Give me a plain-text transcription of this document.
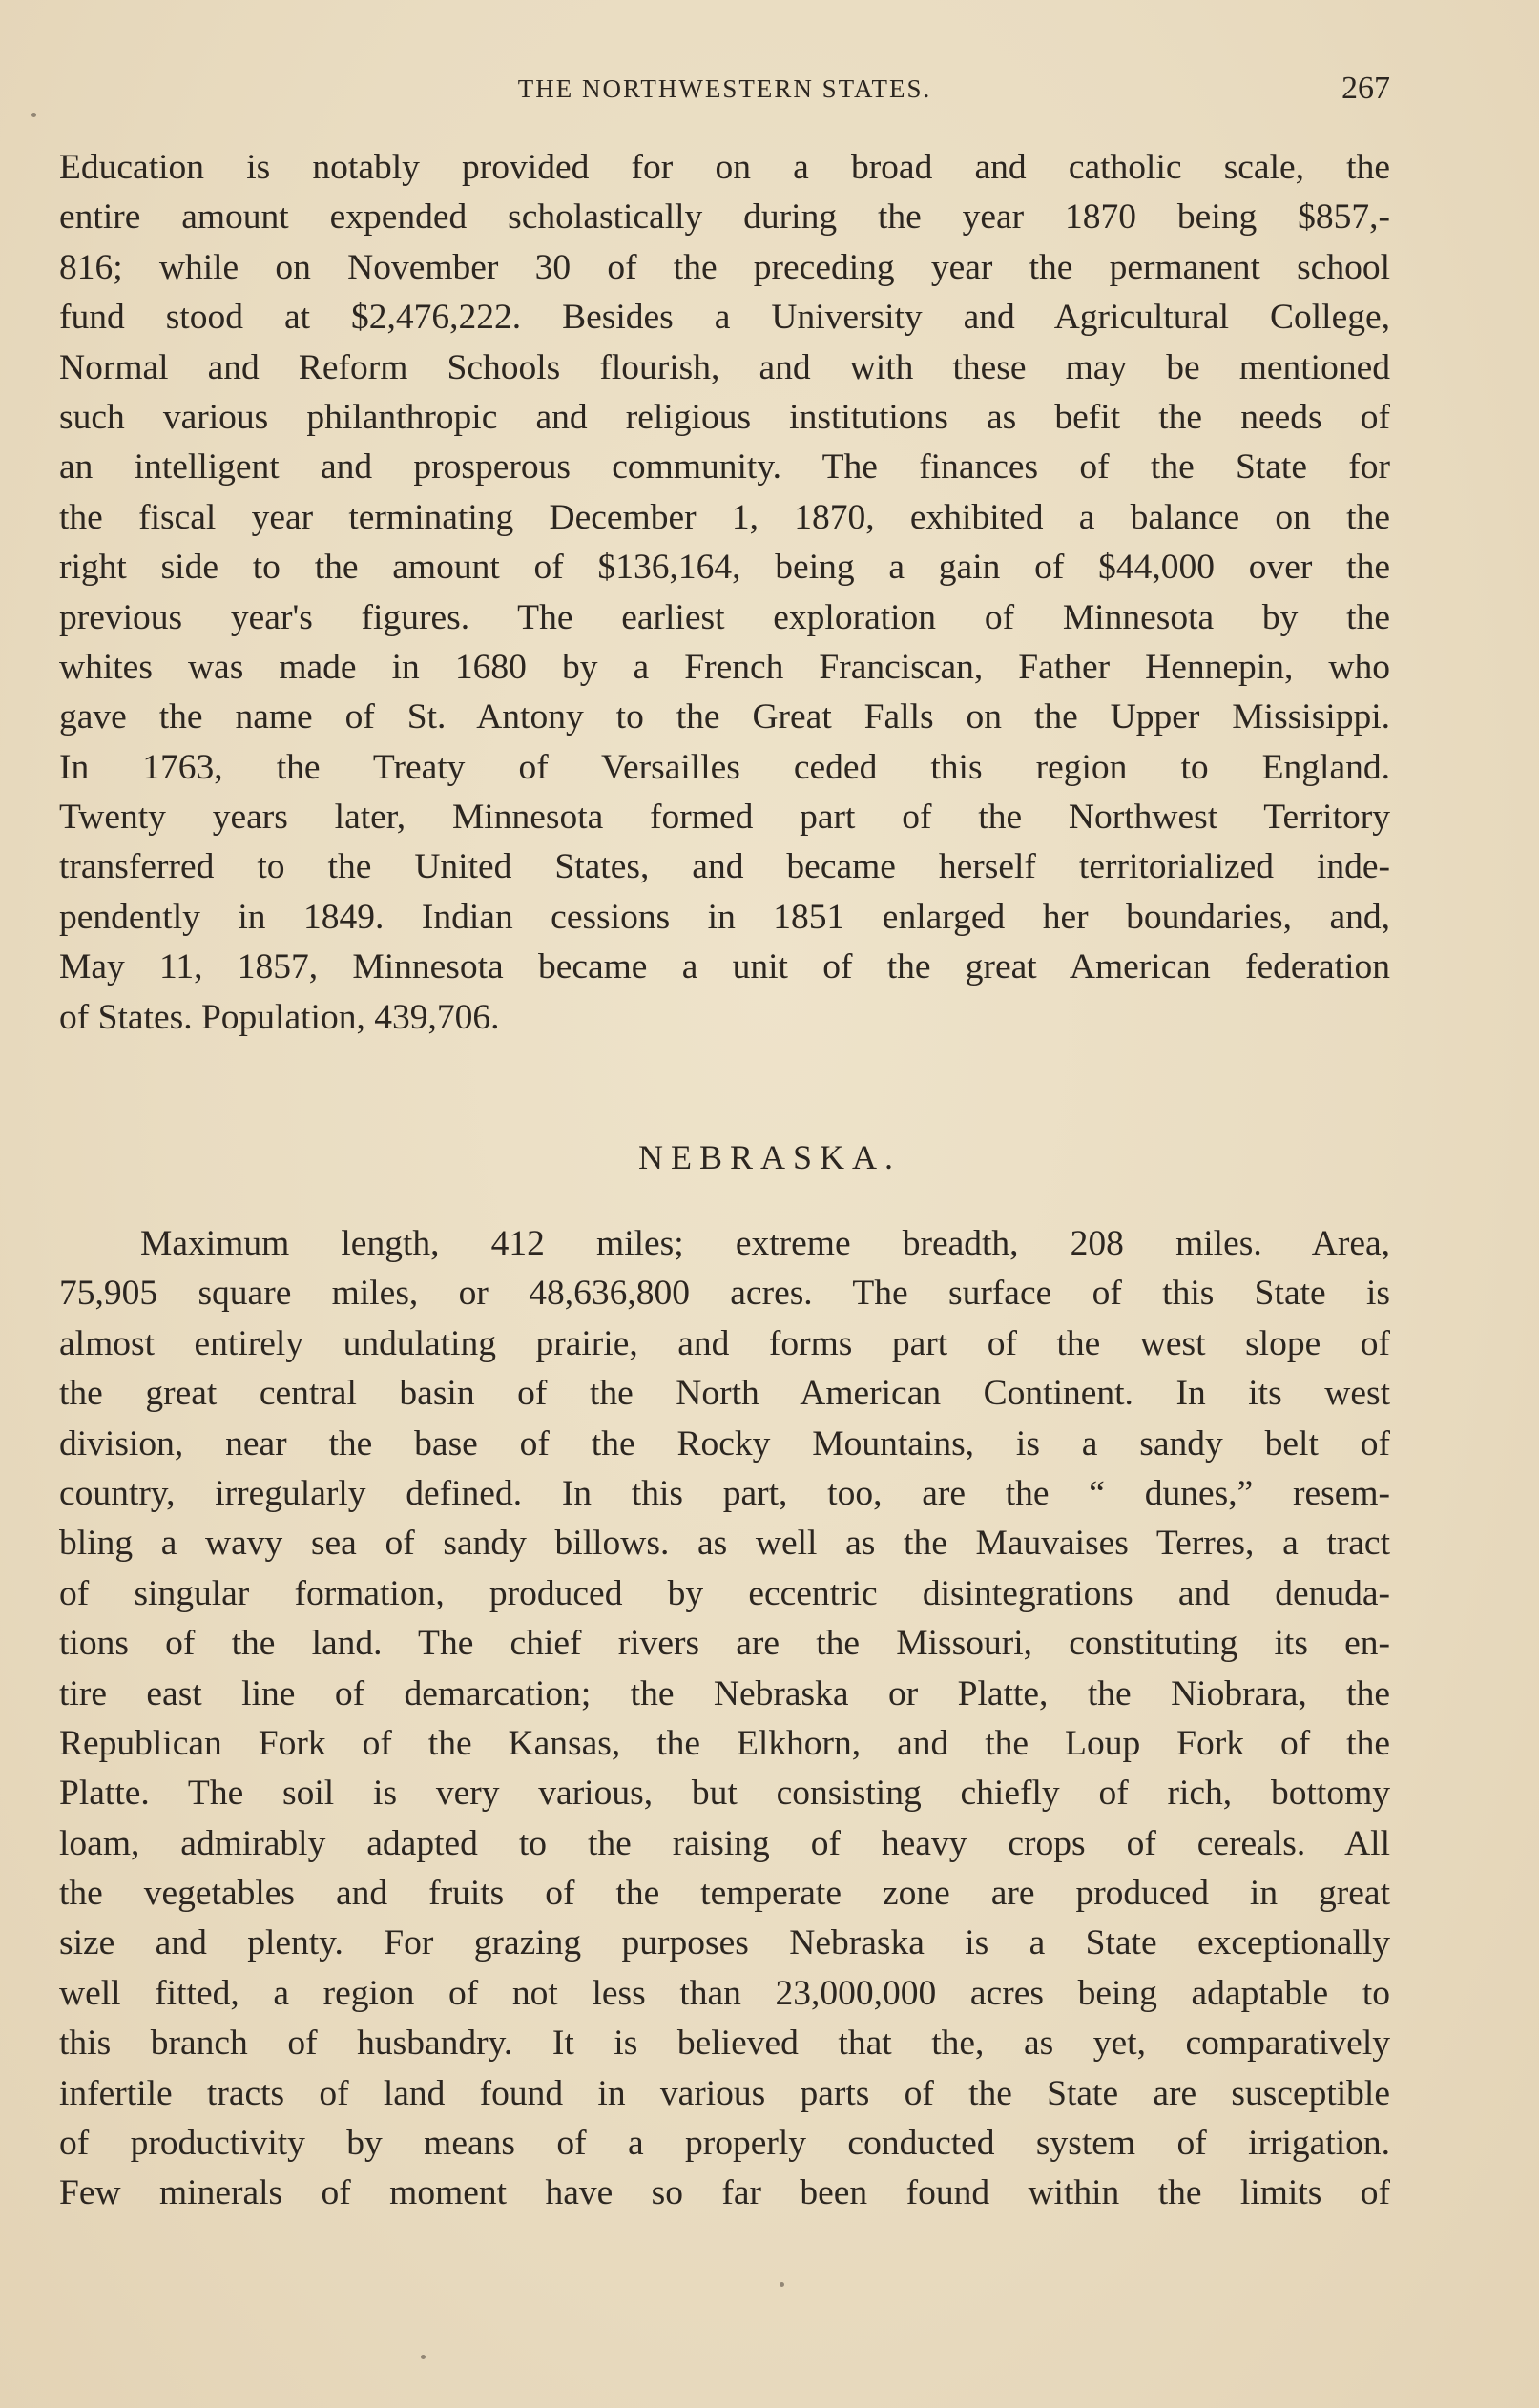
THE NORTHWESTERN STATES.	267
Education is notably provided for on a broad and catholic scale, the
entire amount expended scholastically during the year 1870 being $857,-
816; while on November 30 of the preceding year the permanent school
fund stood at $2,476,222. Besides a University and Agricultural College,
Normal and Reform Schools flourish, and with these may be mentioned
such various philanthropic and religious institutions as befit the needs of
an intelligent and prosperous community. The finances of the State for
the fiscal year terminating December 1, 1870, exhibited a balance on the
right side to the amount of $136,164, being a gain of $44,000 over the
previous year's figures. The earliest exploration of Minnesota by the
whites was made in 1680 by a French Franciscan, Father Hennepin, who
gave the name of St. Antony to the Great Falls on the Upper Missisippi.
In 1763, the Treaty of Versailles ceded this region to England.
Twenty years later, Minnesota formed part of the Northwest Territory
transferred to the United States, and became herself territorialized inde-
pendently in 1849. Indian cessions in 1851 enlarged her boundaries, and,
May 11, 1857, Minnesota became a unit of the great American federation
of States. Population, 439,706.
NEBRASKA.
Maximum length, 412 miles; extreme breadth, 208 miles. Area,
75,905 square miles, or 48,636,800 acres. The surface of this State is
almost entirely undulating prairie, and forms part of the west slope of
the great central basin of the North American Continent. In its west
division, near the base of the Rocky Mountains, is a sandy belt of
country, irregularly defined. In this part, too, are the “ dunes,” resem-
bling a wavy sea of sandy billows. as well as the Mauvaises Terres, a tract
of singular formation, produced by eccentric disintegrations and denuda-
tions of the land. The chief rivers are the Missouri, constituting its en-
tire east line of demarcation; the Nebraska or Platte, the Niobrara, the
Republican Fork of the Kansas, the Elkhorn, and the Loup Fork of the
Platte. The soil is very various, but consisting chiefly of rich, bottomy
loam, admirably adapted to the raising of heavy crops of cereals. All
the vegetables and fruits of the temperate zone are produced in great
size and plenty. For grazing purposes Nebraska is a State exceptionally
well fitted, a region of not less than 23,000,000 acres being adaptable to
this branch of husbandry. It is believed that the, as yet, comparatively
infertile tracts of land found in various parts of the State are susceptible
of productivity by means of a properly conducted system of irrigation.
Few minerals of moment have so far been found within the limits of
